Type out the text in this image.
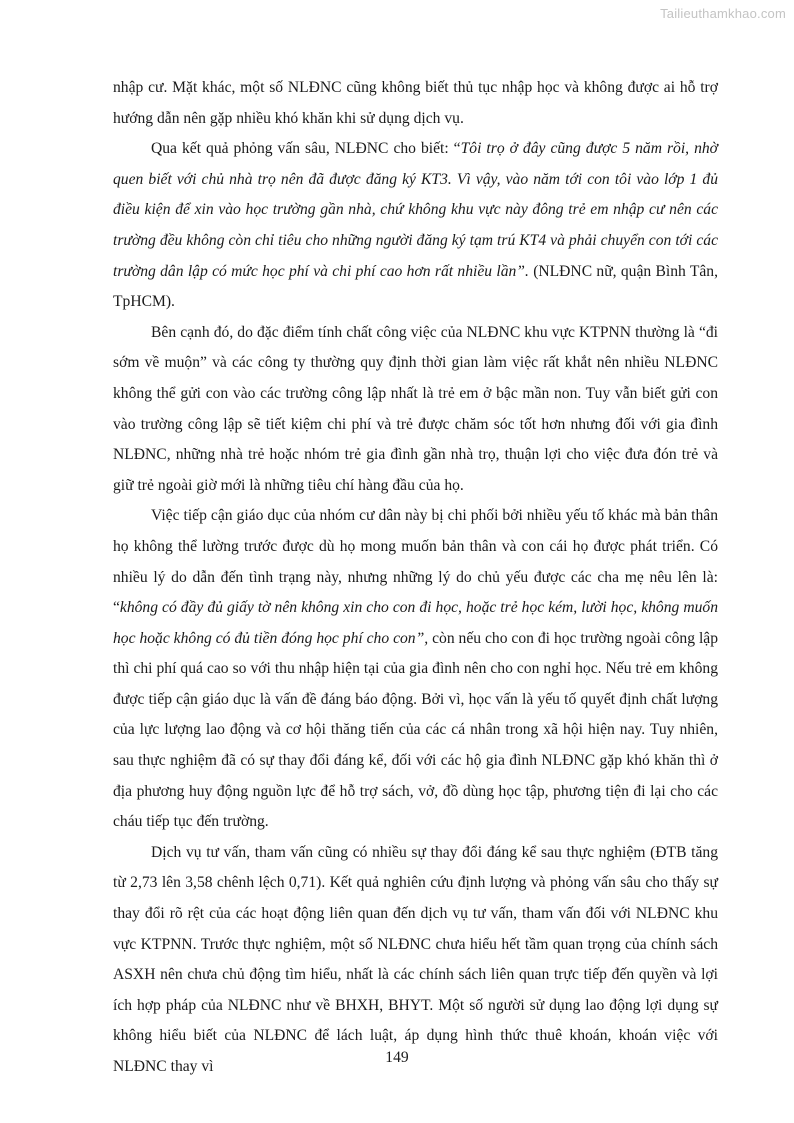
Tailieuthamkhao.com

nhập cư. Mặt khác, một số NLĐNC cũng không biết thủ tục nhập học và không được ai hỗ trợ hướng dẫn nên gặp nhiều khó khăn khi sử dụng dịch vụ.

Qua kết quả phỏng vấn sâu, NLĐNC cho biết: “Tôi trọ ở đây cũng được 5 năm rồi, nhờ quen biết với chủ nhà trọ nên đã được đăng ký KT3. Vì vậy, vào năm tới con tôi vào lớp 1 đủ điều kiện để xin vào học trường gần nhà, chứ không khu vực này đông trẻ em nhập cư nên các trường đều không còn chỉ tiêu cho những người đăng ký tạm trú KT4 và phải chuyển con tới các trường dân lập có mức học phí và chi phí cao hơn rất nhiều lần”. (NLĐNC nữ, quận Bình Tân, TpHCM).

Bên cạnh đó, do đặc điểm tính chất công việc của NLĐNC khu vực KTPNN thường là “đi sớm về muộn” và các công ty thường quy định thời gian làm việc rất khắt nên nhiều NLĐNC không thể gửi con vào các trường công lập nhất là trẻ em ở bậc mần non. Tuy vẫn biết gửi con vào trường công lập sẽ tiết kiệm chi phí và trẻ được chăm sóc tốt hơn nhưng đối với gia đình NLĐNC, những nhà trẻ hoặc nhóm trẻ gia đình gần nhà trọ, thuận lợi cho việc đưa đón trẻ và giữ trẻ ngoài giờ mới là những tiêu chí hàng đầu của họ.

Việc tiếp cận giáo dục của nhóm cư dân này bị chi phối bởi nhiều yếu tố khác mà bản thân họ không thể lường trước được dù họ mong muốn bản thân và con cái họ được phát triển. Có nhiều lý do dẫn đến tình trạng này, nhưng những lý do chủ yếu được các cha mẹ nêu lên là: “không có đầy đủ giấy tờ nên không xin cho con đi học, hoặc trẻ học kém, lười học, không muốn học hoặc không có đủ tiền đóng học phí cho con”, còn nếu cho con đi học trường ngoài công lập thì chi phí quá cao so với thu nhập hiện tại của gia đình nên cho con nghỉ học. Nếu trẻ em không được tiếp cận giáo dục là vấn đề đáng báo động. Bởi vì, học vấn là yếu tố quyết định chất lượng của lực lượng lao động và cơ hội thăng tiến của các cá nhân trong xã hội hiện nay. Tuy nhiên, sau thực nghiệm đã có sự thay đổi đáng kể, đối với các hộ gia đình NLĐNC gặp khó khăn thì ở địa phương huy động nguồn lực để hỗ trợ sách, vở, đồ dùng học tập, phương tiện đi lại cho các cháu tiếp tục đến trường.

Dịch vụ tư vấn, tham vấn cũng có nhiều sự thay đổi đáng kể sau thực nghiệm (ĐTB tăng từ 2,73 lên 3,58 chênh lệch 0,71). Kết quả nghiên cứu định lượng và phỏng vấn sâu cho thấy sự thay đổi rõ rệt của các hoạt động liên quan đến dịch vụ tư vấn, tham vấn đối với NLĐNC khu vực KTPNN. Trước thực nghiệm, một số NLĐNC chưa hiểu hết tầm quan trọng của chính sách ASXH nên chưa chủ động tìm hiểu, nhất là các chính sách liên quan trực tiếp đến quyền và lợi ích hợp pháp của NLĐNC như về BHXH, BHYT. Một số người sử dụng lao động lợi dụng sự không hiểu biết của NLĐNC để lách luật, áp dụng hình thức thuê khoán, khoán việc với NLĐNC thay vì

149
